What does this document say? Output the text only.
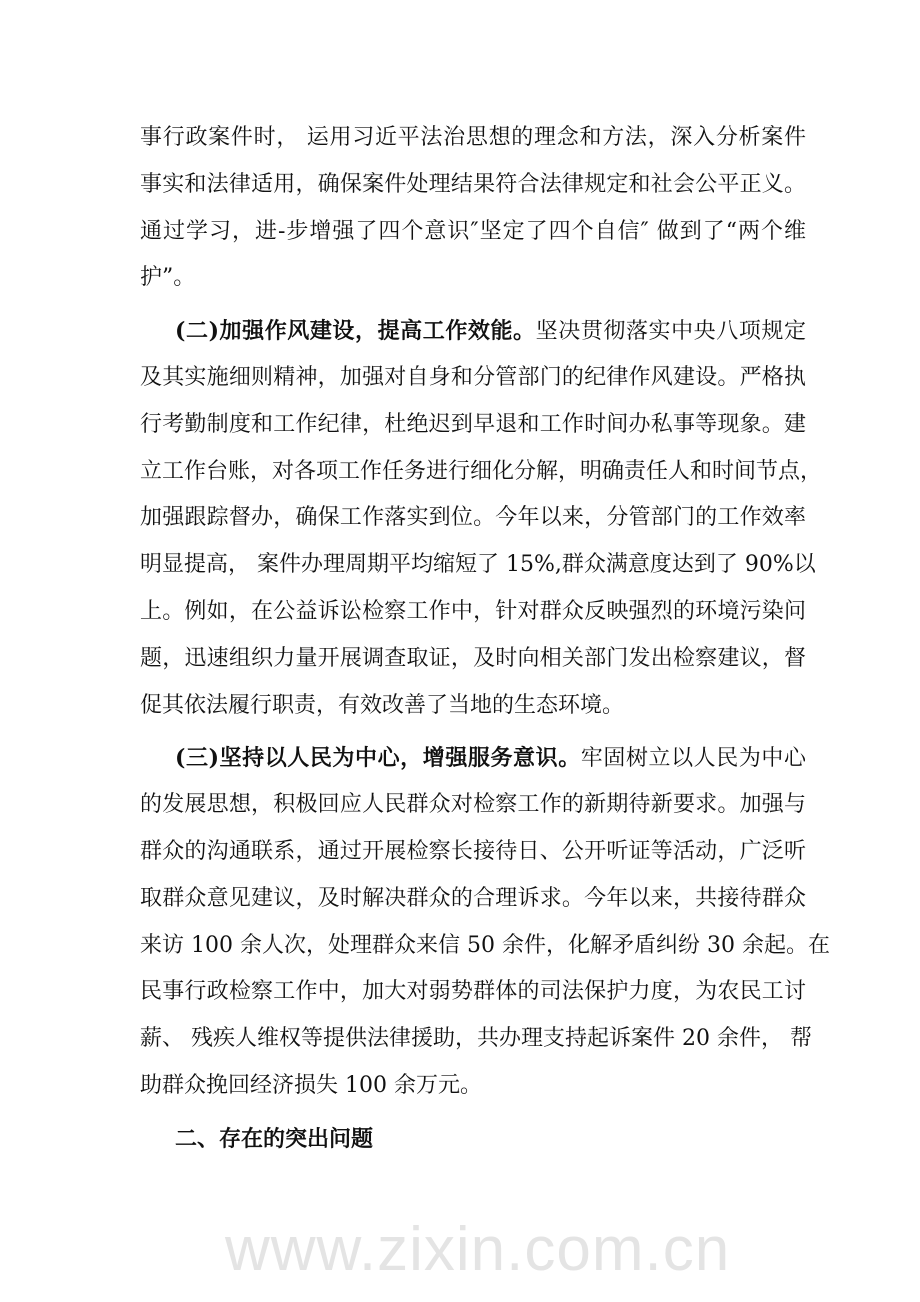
www.zixin.com.cn
事行政案件时， 运用习近平法治思想的理念和方法，深入分析案件
事实和法律适用，确保案件处理结果符合法律规定和社会公平正义。
通过学习，进-步增强了四个意识″坚定了四个自信″ 做到了“两个维
护”。
(二)加强作风建设，提高工作效能。坚决贯彻落实中央八项规定
及其实施细则精神，加强对自身和分管部门的纪律作风建设。严格执
行考勤制度和工作纪律，杜绝迟到早退和工作时间办私事等现象。建
立工作台账，对各项工作任务进行细化分解，明确责任人和时间节点，
加强跟踪督办，确保工作落实到位。今年以来，分管部门的工作效率
明显提高， 案件办理周期平均缩短了 15%,群众满意度达到了 90%以
上。例如，在公益诉讼检察工作中，针对群众反映强烈的环境污染问
题，迅速组织力量开展调查取证，及时向相关部门发出检察建议，督
促其依法履行职责，有效改善了当地的生态环境。
(三)坚持以人民为中心，增强服务意识。牢固树立以人民为中心
的发展思想，积极回应人民群众对检察工作的新期待新要求。加强与
群众的沟通联系，通过开展检察长接待日、公开听证等活动，广泛听
取群众意见建议，及时解决群众的合理诉求。今年以来，共接待群众
来访 100 余人次，处理群众来信 50 余件，化解矛盾纠纷 30 余起。在
民事行政检察工作中，加大对弱势群体的司法保护力度，为农民工讨
薪、 残疾人维权等提供法律援助，共办理支持起诉案件 20 余件， 帮
助群众挽回经济损失 100 余万元。
二、存在的突出问题
